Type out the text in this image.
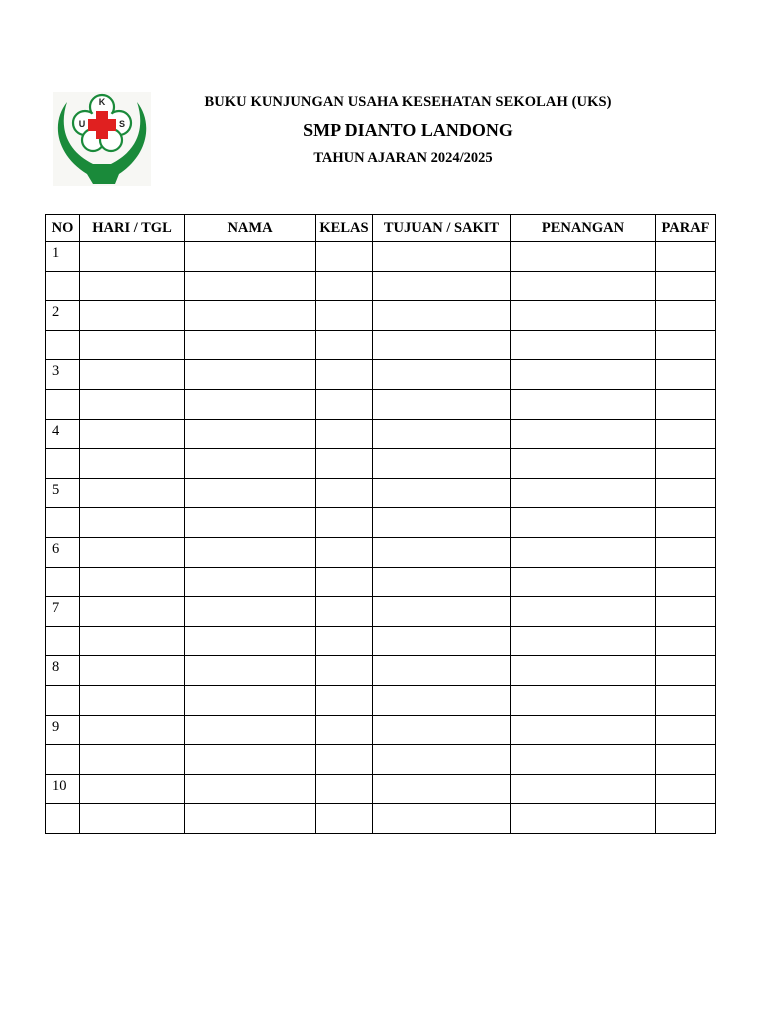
K
U	S
BUKU KUNJUNGAN USAHA KESEHATAN SEKOLAH (UKS)
SMP DIANTO LANDONG
TAHUN AJARAN 2024/2025
NO	HARI / TGL	NAMA	KELAS	TUJUAN / SAKIT	PENANGAN	PARAF
1						

2						

3						

4						

5						

6						

7						

8						

9						

10						
